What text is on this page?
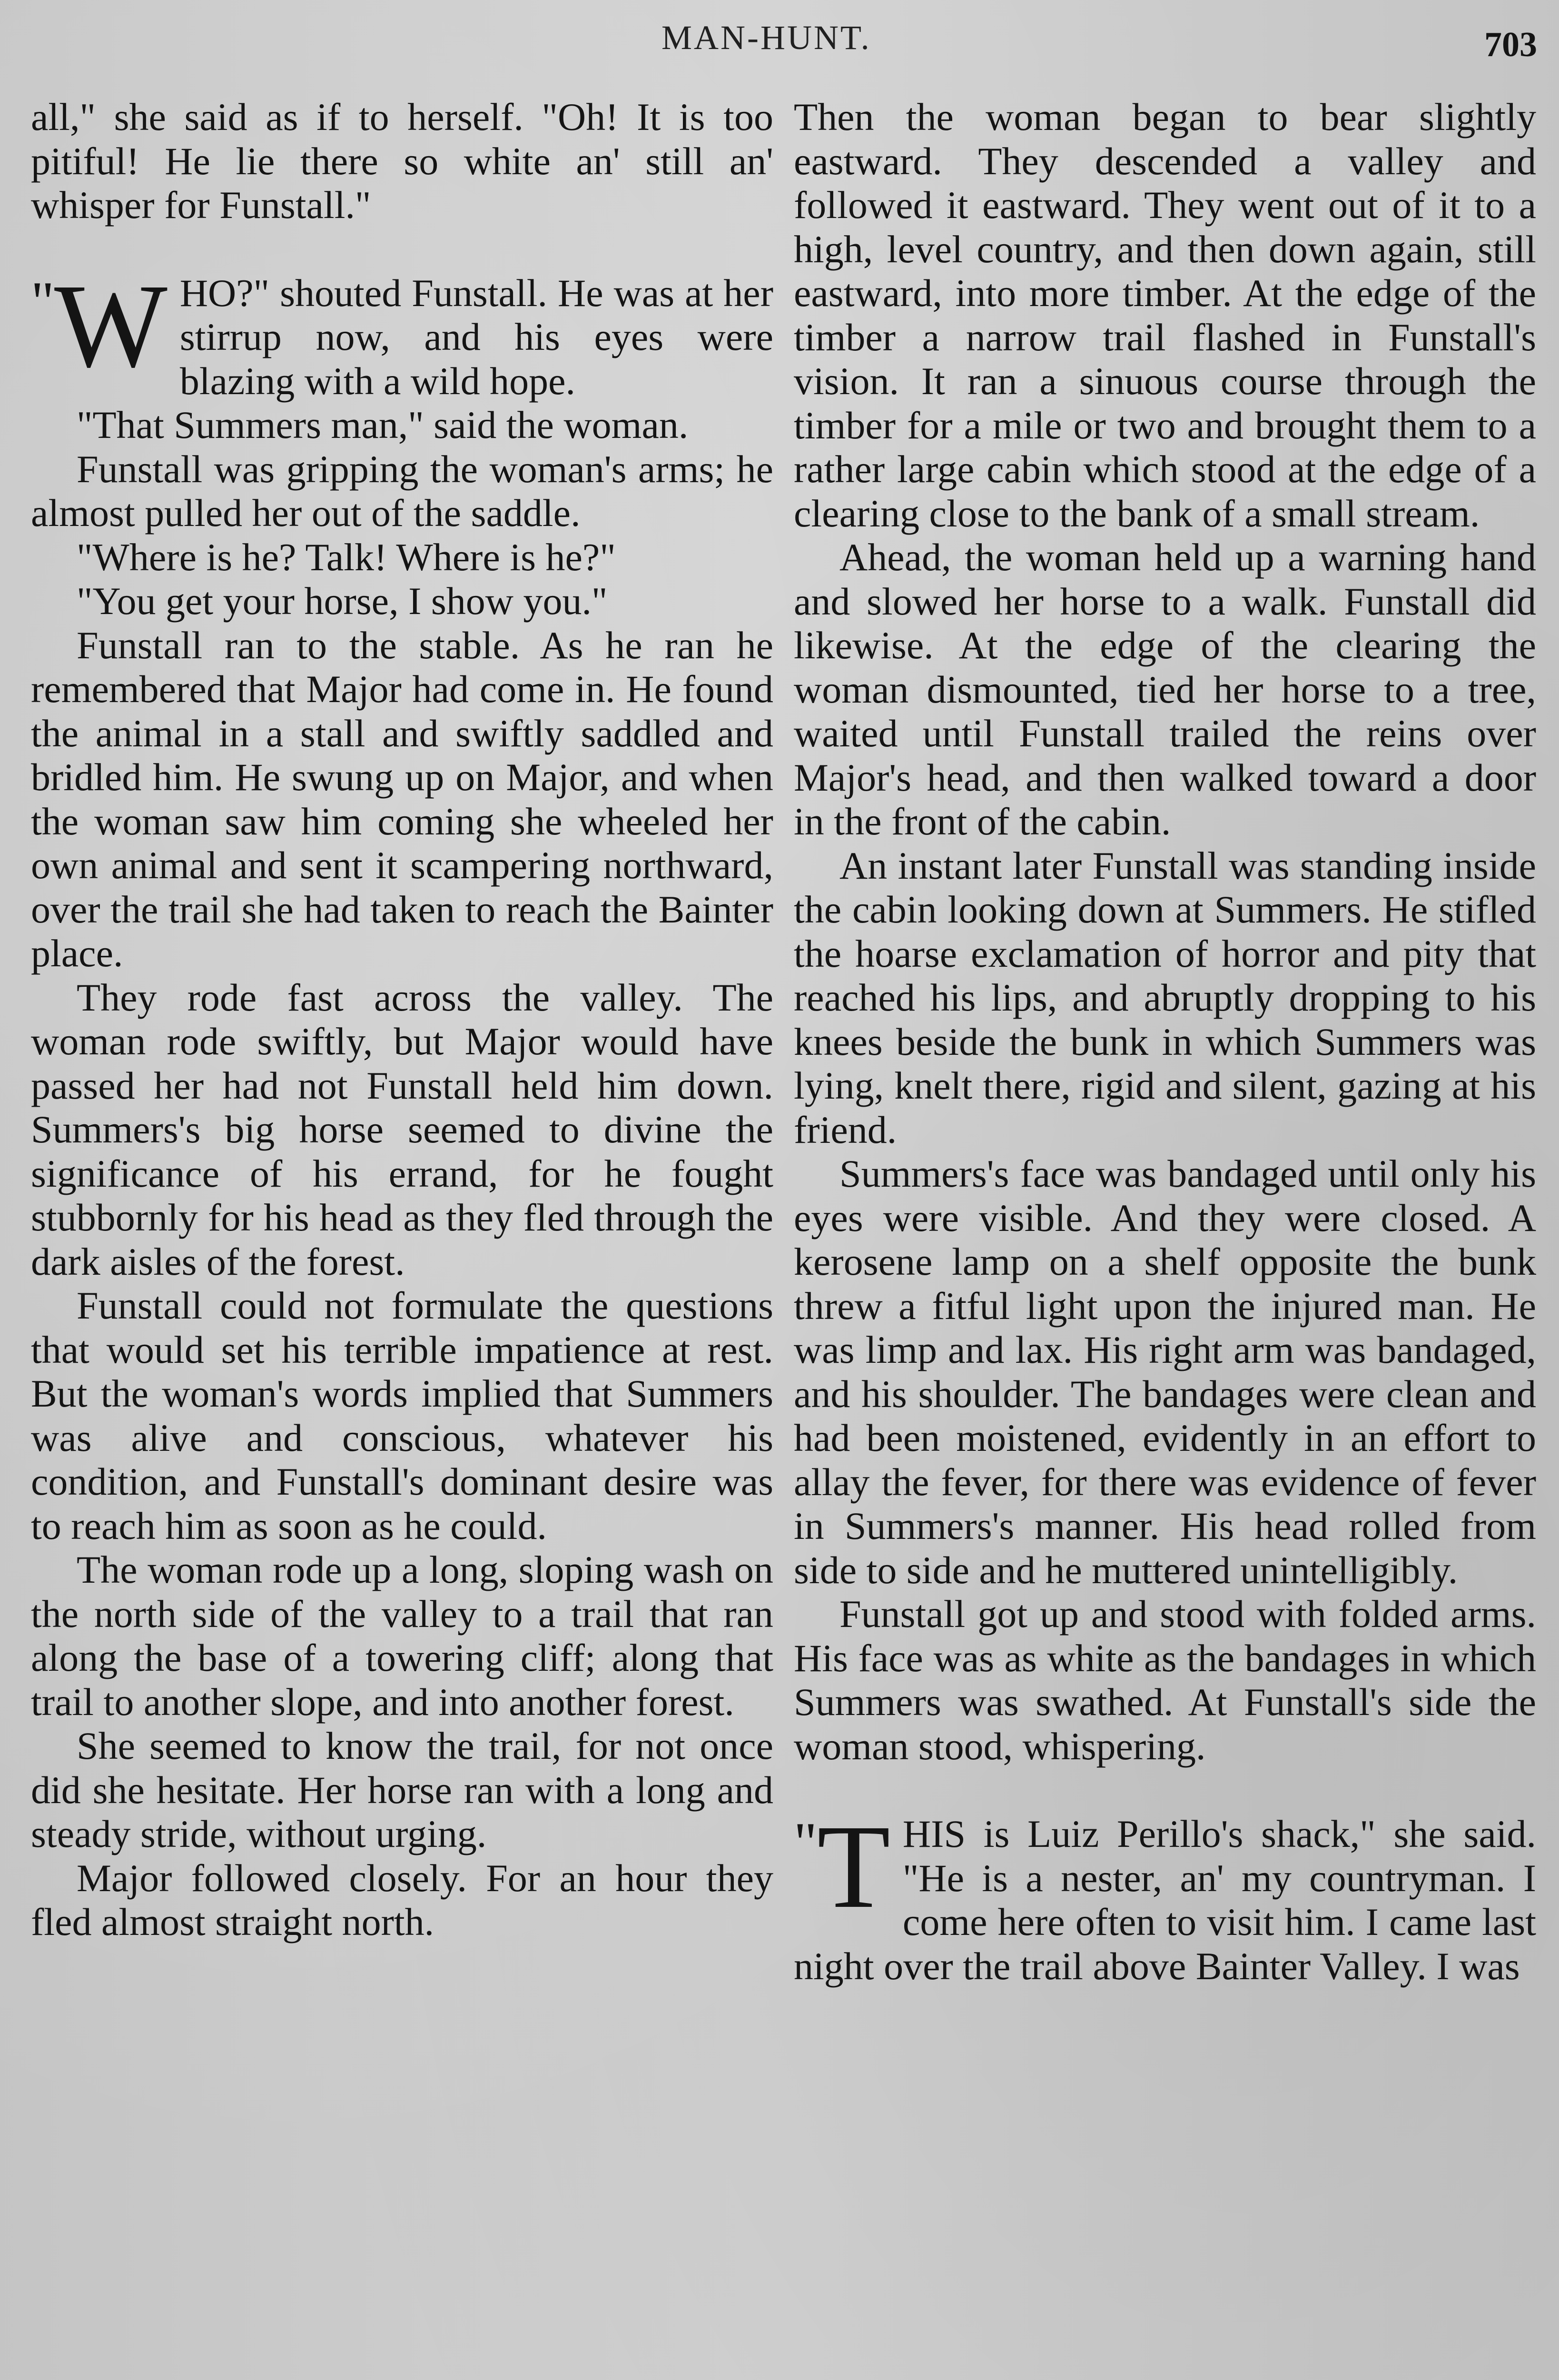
MAN-HUNT.	703

all," she said as if to herself. "Oh! It is too pitiful! He lie there so white an' still an' whisper for Funstall."

"W HO?" shouted Funstall. He was at her stirrup now, and his eyes were blazing with a wild hope.

"That Summers man," said the woman.

Funstall was gripping the woman's arms; he almost pulled her out of the saddle.

"Where is he? Talk! Where is he?"

"You get your horse, I show you."

Funstall ran to the stable. As he ran he remembered that Major had come in. He found the animal in a stall and swiftly saddled and bridled him. He swung up on Major, and when the woman saw him coming she wheeled her own animal and sent it scampering northward, over the trail she had taken to reach the Bainter place.

They rode fast across the valley. The woman rode swiftly, but Major would have passed her had not Funstall held him down. Summers's big horse seemed to divine the significance of his errand, for he fought stubbornly for his head as they fled through the dark aisles of the forest.

Funstall could not formulate the questions that would set his terrible impatience at rest. But the woman's words implied that Summers was alive and conscious, whatever his condition, and Funstall's dominant desire was to reach him as soon as he could.

The woman rode up a long, sloping wash on the north side of the valley to a trail that ran along the base of a towering cliff; along that trail to another slope, and into another forest.

She seemed to know the trail, for not once did she hesitate. Her horse ran with a long and steady stride, without urging.

Major followed closely. For an hour they fled almost straight north.

Then the woman began to bear slightly eastward. They descended a valley and followed it eastward. They went out of it to a high, level country, and then down again, still eastward, into more timber. At the edge of the timber a narrow trail flashed in Funstall's vision. It ran a sinuous course through the timber for a mile or two and brought them to a rather large cabin which stood at the edge of a clearing close to the bank of a small stream.

Ahead, the woman held up a warning hand and slowed her horse to a walk. Funstall did likewise. At the edge of the clearing the woman dismounted, tied her horse to a tree, waited until Funstall trailed the reins over Major's head, and then walked toward a door in the front of the cabin.

An instant later Funstall was standing inside the cabin looking down at Summers. He stifled the hoarse exclamation of horror and pity that reached his lips, and abruptly dropping to his knees beside the bunk in which Summers was lying, knelt there, rigid and silent, gazing at his friend.

Summers's face was bandaged until only his eyes were visible. And they were closed. A kerosene lamp on a shelf opposite the bunk threw a fitful light upon the injured man. He was limp and lax. His right arm was bandaged, and his shoulder. The bandages were clean and had been moistened, evidently in an effort to allay the fever, for there was evidence of fever in Summers's manner. His head rolled from side to side and he muttered unintelligibly.

Funstall got up and stood with folded arms. His face was as white as the bandages in which Summers was swathed. At Funstall's side the woman stood, whispering.

"T HIS is Luiz Perillo's shack," she said. "He is a nester, an' my countryman. I come here often to visit him. I came last night over the trail above Bainter Valley. I was
